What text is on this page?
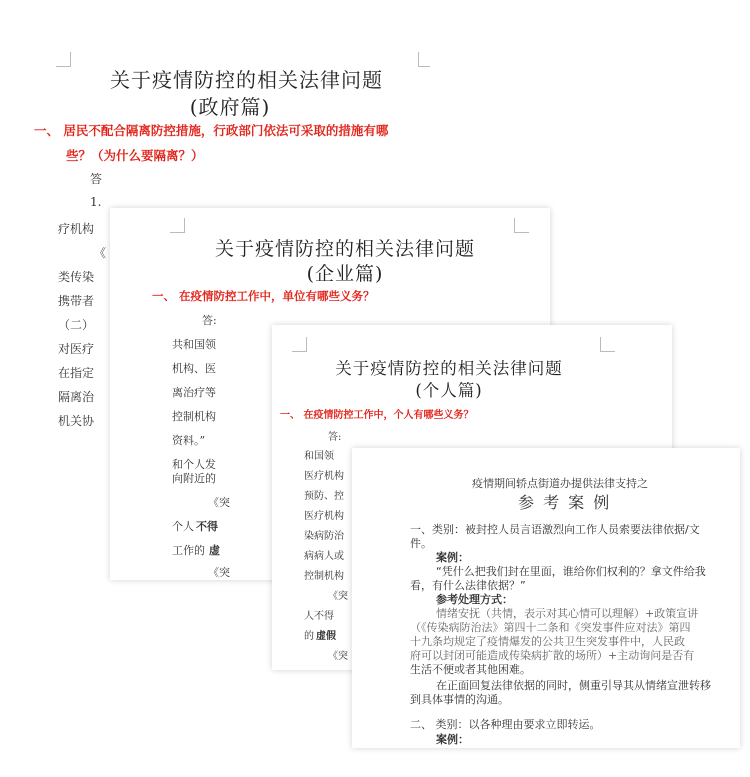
关于疫情防控的相关法律问题
(政府篇)
一、 居民不配合隔离防控措施，行政部门依法可采取的措施有哪
些？（为什么要隔离？）
答
1.
疗机构
《
类传染
携带者
（二）
对医疗
在指定
隔离治
机关协
关于疫情防控的相关法律问题
(企业篇)
一、 在疫情防控工作中，单位有哪些义务？
答:
共和国领
机构、医
离治疗等
控制机构
资料。”
和个人发
向附近的
《突
个人 不得
工作的 虚
《突
关于疫情防控的相关法律问题
(个人篇)
一、 在疫情防控工作中，个人有哪些义务？
答:
和国领
医疗机构
预防、控
医疗机构
染病防治
病病人或
控制机构
《突
人不得
的 虚假
《突
疫情期间轿点街道办提供法律支持之
参 考 案 例
一、类别：被封控人员言语激烈向工作人员索要法律依据/文
件。
案例：
“凭什么把我们封在里面，谁给你们权利的？拿文件给我
看，有什么法律依据？”
参考处理方式：
情绪安抚（共情，表示对其心情可以理解）+政策宣讲
（《传染病防治法》第四十二条和《突发事件应对法》第四
十九条均规定了疫情爆发的公共卫生突发事件中，人民政
府可以封闭可能造成传染病扩散的场所）+主动询问是否有
生活不便或者其他困难。
在正面回复法律依据的同时，侧重引导其从情绪宣泄转移
到具体事情的沟通。
二、 类别：以各种理由要求立即转运。
案例：
